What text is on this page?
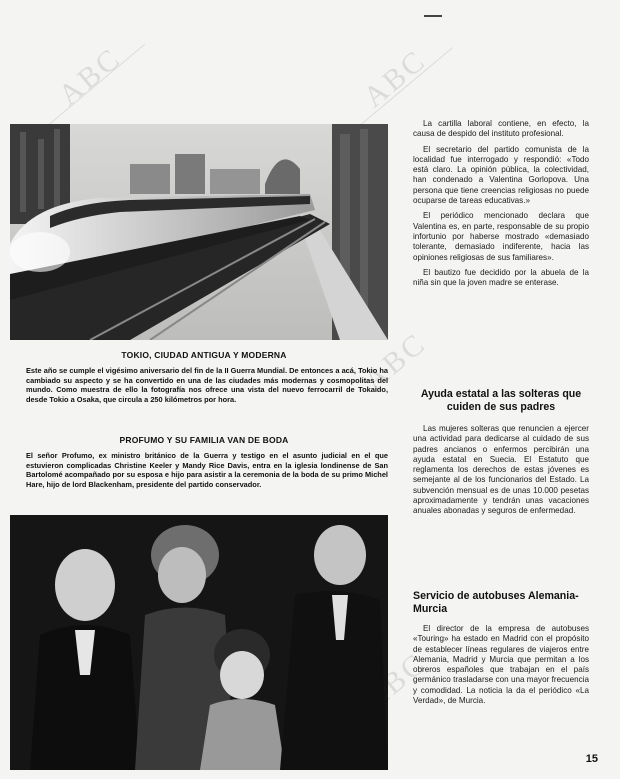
ABC	ABC
ABC
ABC
TOKIO, CIUDAD ANTIGUA Y MODERNA

Este año se cumple el vigésimo aniversario del fin de la II Guerra Mundial. De entonces a acá, Tokio ha cambiado su aspecto y se ha convertido en una de las ciudades más modernas y cosmopolitas del mundo. Como muestra de ello la fotografía nos ofrece una vista del nuevo ferrocarril de Tokaido, desde Tokio a Osaka, que circula a 250 kilómetros por hora.

PROFUMO Y SU FAMILIA VAN DE BODA

El señor Profumo, ex ministro británico de la Guerra y testigo en el asunto judicial en el que estuvieron complicadas Christine Keeler y Mandy Rice Davis, entra en la iglesia londinense de San Bartolomé acompañado por su esposa e hijo para asistir a la ceremonia de la boda de su primo Michel Hare, hijo de lord Blackenham, presidente del partido conservador.

La cartilla laboral contiene, en efecto, la causa de despido del instituto profesional.

El secretario del partido comunista de la localidad fue interrogado y respondió: «Todo está claro. La opinión pública, la colectividad, han condenado a Valentina Gorlopova. Una persona que tiene creencias religiosas no puede ocuparse de tareas educativas.»

El periódico mencionado declara que Valentina es, en parte, responsable de su propio infortunio por haberse mostrado «demasiado tolerante, demasiado indiferente, hacia las opiniones religiosas de sus familiares».

El bautizo fue decidido por la abuela de la niña sin que la joven madre se enterase.

Ayuda estatal a las solteras que cuiden de sus padres

Las mujeres solteras que renuncien a ejercer una actividad para dedicarse al cuidado de sus padres ancianos o enfermos percibirán una ayuda estatal en Suecia. El Estatuto que reglamenta los derechos de estas jóvenes es semejante al de los funcionarios del Estado. La subvención mensual es de unas 10.000 pesetas aproximadamente y tendrán unas vacaciones anuales abonadas y seguros de enfermedad.

Servicio de autobuses Alemania-Murcia

El director de la empresa de autobuses «Touring» ha estado en Madrid con el propósito de establecer líneas regulares de viajeros entre Alemania, Madrid y Murcia que permitan a los obreros españoles que trabajan en el país germánico trasladarse con una mayor frecuencia y comodidad. La noticia la da el periódico «La Verdad», de Murcia.

15
